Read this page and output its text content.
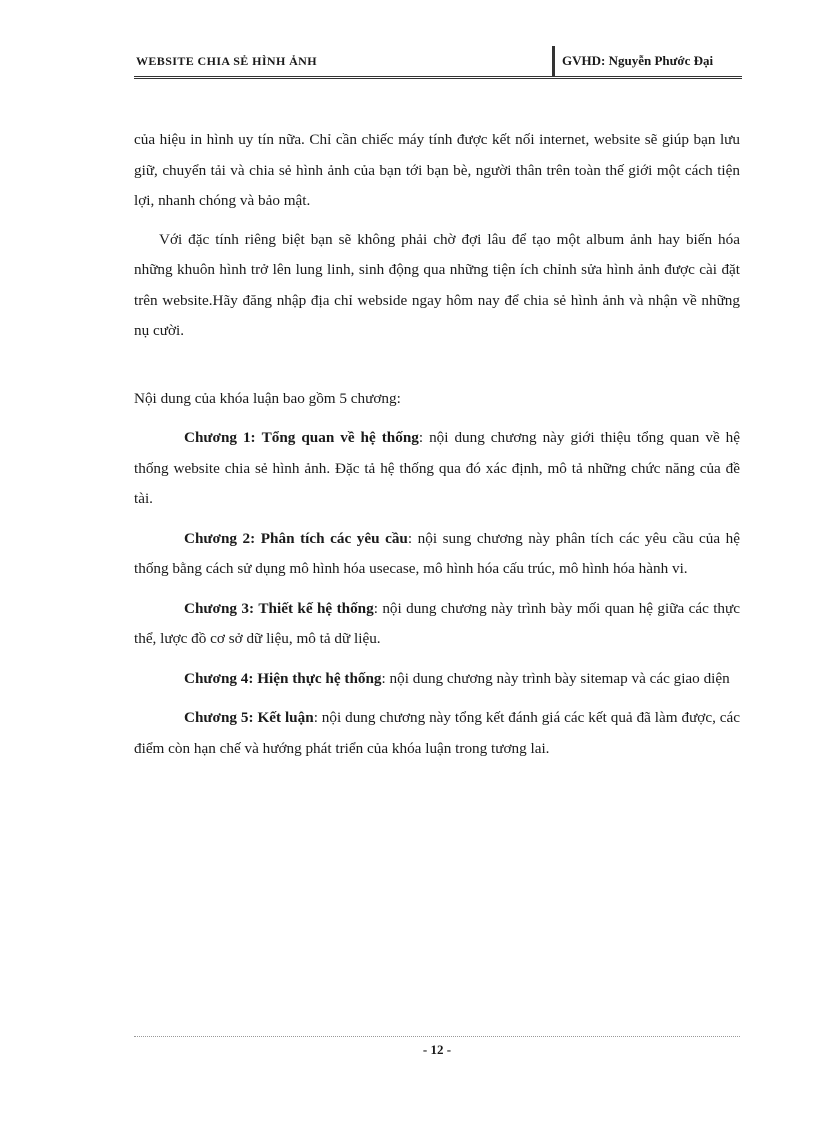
WEBSITE CHIA SẺ HÌNH ẢNH	GVHD: Nguyễn Phước Đại

của hiệu in hình uy tín nữa. Chỉ cần chiếc máy tính được kết nối internet, website sẽ giúp bạn lưu giữ, chuyển tải và chia sẻ hình ảnh của bạn tới bạn bè, người thân trên toàn thế giới một cách tiện lợi, nhanh chóng và bảo mật.

Với đặc tính riêng biệt bạn sẽ không phải chờ đợi lâu để tạo một album ảnh hay biến hóa những khuôn hình trở lên lung linh, sinh động qua những tiện ích chỉnh sửa hình ảnh được cài đặt trên website.Hãy đăng nhập địa chỉ webside ngay hôm nay để chia sẻ hình ảnh và nhận về những nụ cười.

Nội dung của khóa luận bao gồm 5 chương:

Chương 1: Tổng quan về hệ thống: nội dung chương này giới thiệu tổng quan về hệ thống website chia sẻ hình ảnh. Đặc tả hệ thống qua đó xác định, mô tả những chức năng của đề tài.

Chương 2: Phân tích các yêu cầu: nội sung chương này phân tích các yêu cầu của hệ thống bằng cách sử dụng mô hình hóa usecase, mô hình hóa cấu trúc, mô hình hóa hành vi.

Chương 3: Thiết kế hệ thống: nội dung chương này trình bày mối quan hệ giữa các thực thể, lược đồ cơ sở dữ liệu, mô tả dữ liệu.

Chương 4: Hiện thực hệ thống: nội dung chương này trình bày sitemap và các giao diện

Chương 5: Kết luận: nội dung chương này tổng kết đánh giá các kết quả đã làm được, các điểm còn hạn chế và hướng phát triển của khóa luận trong tương lai.

- 12 -
